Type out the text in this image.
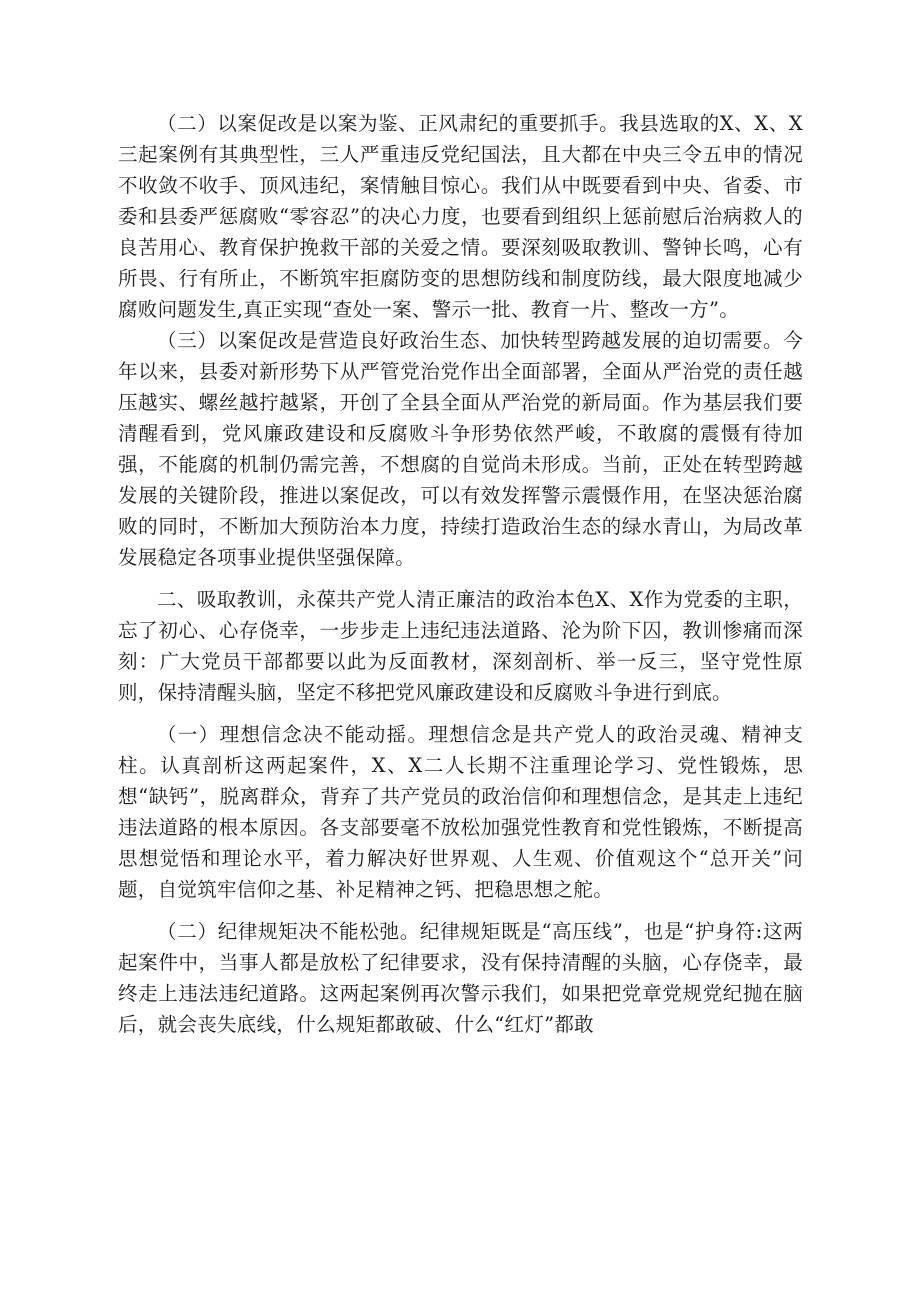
（二）以案促改是以案为鉴、正风肃纪的重要抓手。我县选取的X、X、X三起案例有其典型性，三人严重违反党纪国法，且大都在中央三令五申的情况不收敛不收手、顶风违纪，案情触目惊心。我们从中既要看到中央、省委、市委和县委严惩腐败“零容忍”的决心力度，也要看到组织上惩前慰后治病救人的良苦用心、教育保护挽救干部的关爱之情。要深刻吸取教训、警钟长鸣，心有所畏、行有所止，不断筑牢拒腐防变的思想防线和制度防线，最大限度地减少腐败问题发生,真正实现“查处一案、警示一批、教育一片、整改一方”。

（三）以案促改是营造良好政治生态、加快转型跨越发展的迫切需要。今年以来，县委对新形势下从严管党治党作出全面部署，全面从严治党的责任越压越实、螺丝越拧越紧，开创了全县全面从严治党的新局面。作为基层我们要清醒看到，党风廉政建设和反腐败斗争形势依然严峻，不敢腐的震慑有待加强，不能腐的机制仍需完善，不想腐的自觉尚未形成。当前，正处在转型跨越发展的关键阶段，推进以案促改，可以有效发挥警示震慑作用，在坚决惩治腐败的同时，不断加大预防治本力度，持续打造政治生态的绿水青山，为局改革发展稳定各项事业提供坚强保障。

二、吸取教训，永葆共产党人清正廉洁的政治本色X、X作为党委的主职，忘了初心、心存侥幸，一步步走上违纪违法道路、沦为阶下囚，教训惨痛而深刻：广大党员干部都要以此为反面教材，深刻剖析、举一反三，坚守党性原则，保持清醒头脑，坚定不移把党风廉政建设和反腐败斗争进行到底。

（一）理想信念决不能动摇。理想信念是共产党人的政治灵魂、精神支柱。认真剖析这两起案件，X、X二人长期不注重理论学习、党性锻炼，思想“缺钙”，脱离群众，背弃了共产党员的政治信仰和理想信念，是其走上违纪违法道路的根本原因。各支部要毫不放松加强党性教育和党性锻炼，不断提高思想觉悟和理论水平，着力解决好世界观、人生观、价值观这个“总开关”问题，自觉筑牢信仰之基、补足精神之钙、把稳思想之舵。

（二）纪律规矩决不能松弛。纪律规矩既是“高压线”，也是“护身符:这两起案件中，当事人都是放松了纪律要求，没有保持清醒的头脑，心存侥幸，最终走上违法违纪道路。这两起案例再次警示我们，如果把党章党规党纪抛在脑后，就会丧失底线，什么规矩都敢破、什么“红灯”都敢
